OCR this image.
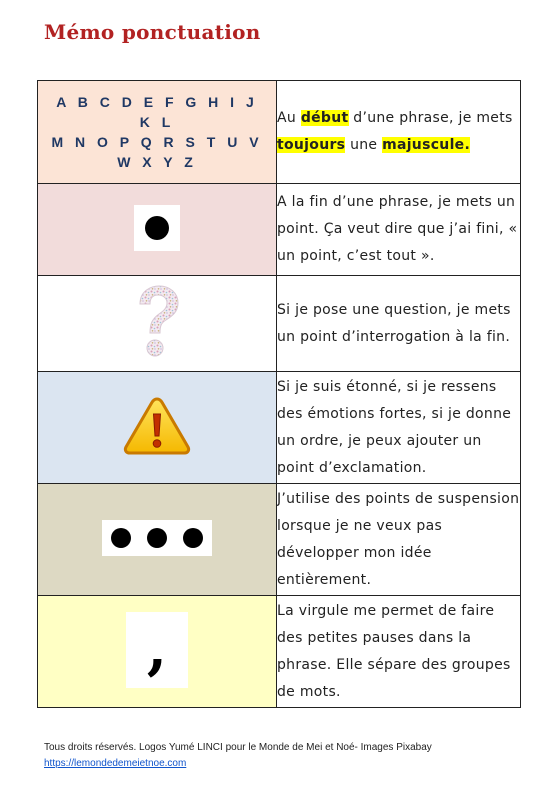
Mémo ponctuation
A B C D E F G H I J K L
M N O P Q R S T U V
W X Y Z	Au début d’une phrase, je mets toujours une majuscule.

	A la fin d’une phrase, je mets un point. Ça veut dire que j’ai fini, « un point, c’est tout ».
	Si je pose une question, je mets un point d’interrogation à la fin.
	Si je suis étonné, si je ressens des émotions fortes, si je donne un ordre, je peux ajouter un point d’exclamation.

	J’utilise des points de suspension lorsque je ne veux pas développer mon idée entièrement.

,	La virgule me permet de faire des petites pauses dans la phrase. Elle sépare des groupes de mots.
Tous droits réservés. Logos Yumé LINCI pour le Monde de Mei et Noé- Images Pixabay
https://lemondedemeietnoe.com
